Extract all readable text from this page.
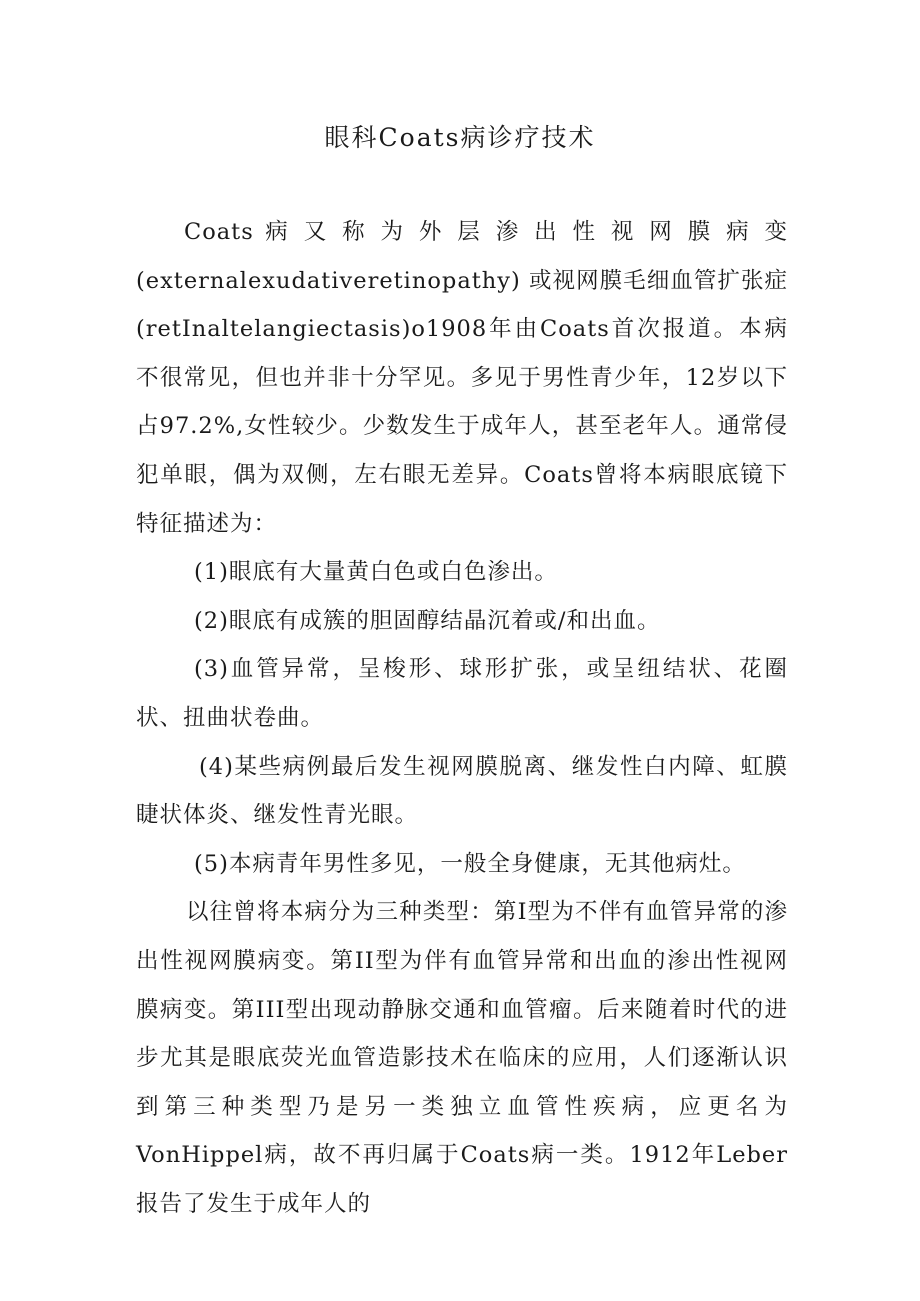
眼科Coats病诊疗技术

Coats 病 又 称 为 外 层 渗 出 性 视 网 膜 病 变

(externalexudativeretinopathy) 或视网膜毛细血管扩张症(retInaltelangiectasis)o1908年由Coats首次报道。本病不很常见，但也并非十分罕见。多见于男性青少年，12岁以下占97.2%,女性较少。少数发生于成年人，甚至老年人。通常侵犯单眼，偶为双侧，左右眼无差异。Coats曾将本病眼底镜下特征描述为：

(1)眼底有大量黄白色或白色渗出。

(2)眼底有成簇的胆固醇结晶沉着或/和出血。

(3)血管异常，呈梭形、球形扩张，或呈纽结状、花圈状、扭曲状卷曲。

(4)某些病例最后发生视网膜脱离、继发性白内障、虹膜睫状体炎、继发性青光眼。

(5)本病青年男性多见，一般全身健康，无其他病灶。

以往曾将本病分为三种类型：第I型为不伴有血管异常的渗出性视网膜病变。第II型为伴有血管异常和出血的渗出性视网膜病变。第III型出现动静脉交通和血管瘤。后来随着时代的进步尤其是眼底荧光血管造影技术在临床的应用，人们逐渐认识到第三种类型乃是另一类独立血管性疾病，应更名为VonHippel病，故不再归属于Coats病一类。1912年Leber报告了发生于成年人的
